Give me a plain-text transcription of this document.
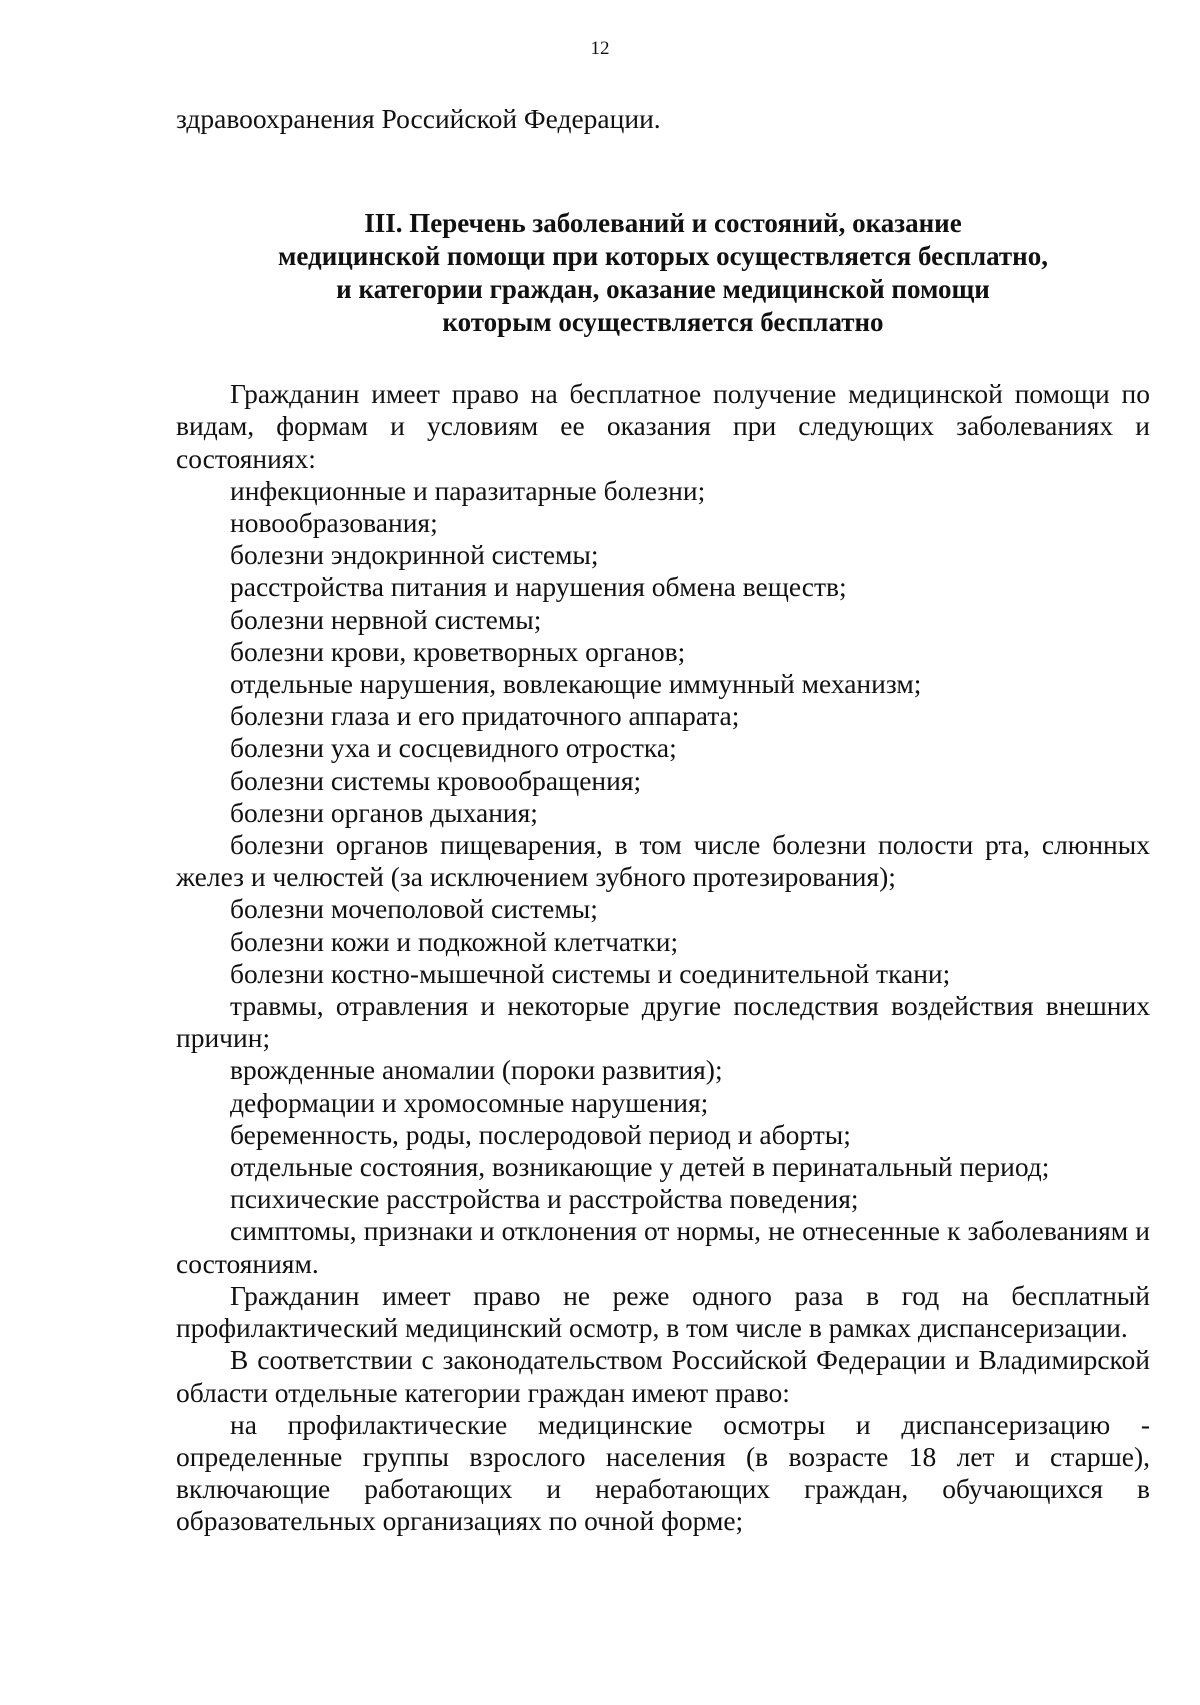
12

здравоохранения Российской Федерации.

III. Перечень заболеваний и состояний, оказание
медицинской помощи при которых осуществляется бесплатно,
и категории граждан, оказание медицинской помощи
которым осуществляется бесплатно

Гражданин имеет право на бесплатное получение медицинской помощи по видам, формам и условиям ее оказания при следующих заболеваниях и состояниях:

инфекционные и паразитарные болезни;

новообразования;

болезни эндокринной системы;

расстройства питания и нарушения обмена веществ;

болезни нервной системы;

болезни крови, кроветворных органов;

отдельные нарушения, вовлекающие иммунный механизм;

болезни глаза и его придаточного аппарата;

болезни уха и сосцевидного отростка;

болезни системы кровообращения;

болезни органов дыхания;

болезни органов пищеварения, в том числе болезни полости рта, слюнных желез и челюстей (за исключением зубного протезирования);

болезни мочеполовой системы;

болезни кожи и подкожной клетчатки;

болезни костно-мышечной системы и соединительной ткани;

травмы, отравления и некоторые другие последствия воздействия внешних причин;

врожденные аномалии (пороки развития);

деформации и хромосомные нарушения;

беременность, роды, послеродовой период и аборты;

отдельные состояния, возникающие у детей в перинатальный период;

психические расстройства и расстройства поведения;

симптомы, признаки и отклонения от нормы, не отнесенные к заболеваниям и состояниям.

Гражданин имеет право не реже одного раза в год на бесплатный профилактический медицинский осмотр, в том числе в рамках диспансеризации.

В соответствии с законодательством Российской Федерации и Владимирской области отдельные категории граждан имеют право:

на профилактические медицинские осмотры и диспансеризацию - определенные группы взрослого населения (в возрасте 18 лет и старше), включающие работающих и неработающих граждан, обучающихся в образовательных организациях по очной форме;
